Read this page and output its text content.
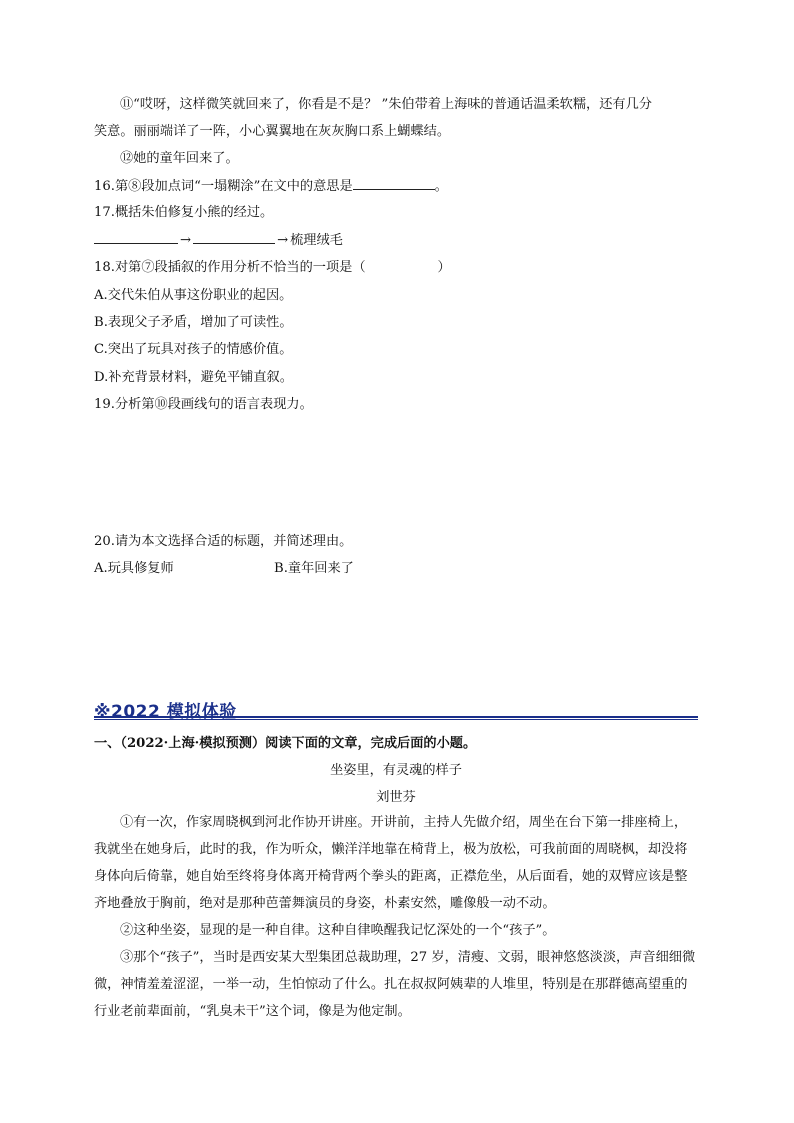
⑪“哎呀，这样微笑就回来了，你看是不是？ ”朱伯带着上海味的普通话温柔软糯，还有几分
笑意。丽丽端详了一阵，小心翼翼地在灰灰胸口系上蝴蝶结。
⑫她的童年回来了。
16.第⑧段加点词“一塌糊涂”在文中的意思是	。
17.概括朱伯修复小熊的经过。
→	→ 梳理绒毛
18.对第⑦段插叙的作用分析不恰当的一项是（	）
A.交代朱伯从事这份职业的起因。
B.表现父子矛盾，增加了可读性。
C.突出了玩具对孩子的情感价值。
D.补充背景材料，避免平铺直叙。
19.分析第⑩段画线句的语言表现力。
20.请为本文选择合适的标题，并简述理由。
A.玩具修复师	B.童年回来了
※2022 模拟体验
一、（2022·上海·模拟预测）阅读下面的文章，完成后面的小题。
坐姿里，有灵魂的样子
刘世芬
①有一次，作家周晓枫到河北作协开讲座。开讲前，主持人先做介绍，周坐在台下第一排座椅上，我就坐在她身后，此时的我，作为听众，懒洋洋地靠在椅背上，极为放松，可我前面的周晓枫，却没将身体向后倚靠，她自始至终将身体离开椅背两个拳头的距离，正襟危坐，从后面看，她的双臂应该是整齐地叠放于胸前，绝对是那种芭蕾舞演员的身姿，朴素安然，雕像般一动不动。
②这种坐姿，显现的是一种自律。这种自律唤醒我记忆深处的一个“孩子”。
③那个“孩子”，当时是西安某大型集团总裁助理，27 岁，清瘦、文弱，眼神悠悠淡淡，声音细细微微，神情羞羞涩涩，一举一动，生怕惊动了什么。扎在叔叔阿姨辈的人堆里，特别是在那群德高望重的行业老前辈面前，“乳臭未干”这个词，像是为他定制。
